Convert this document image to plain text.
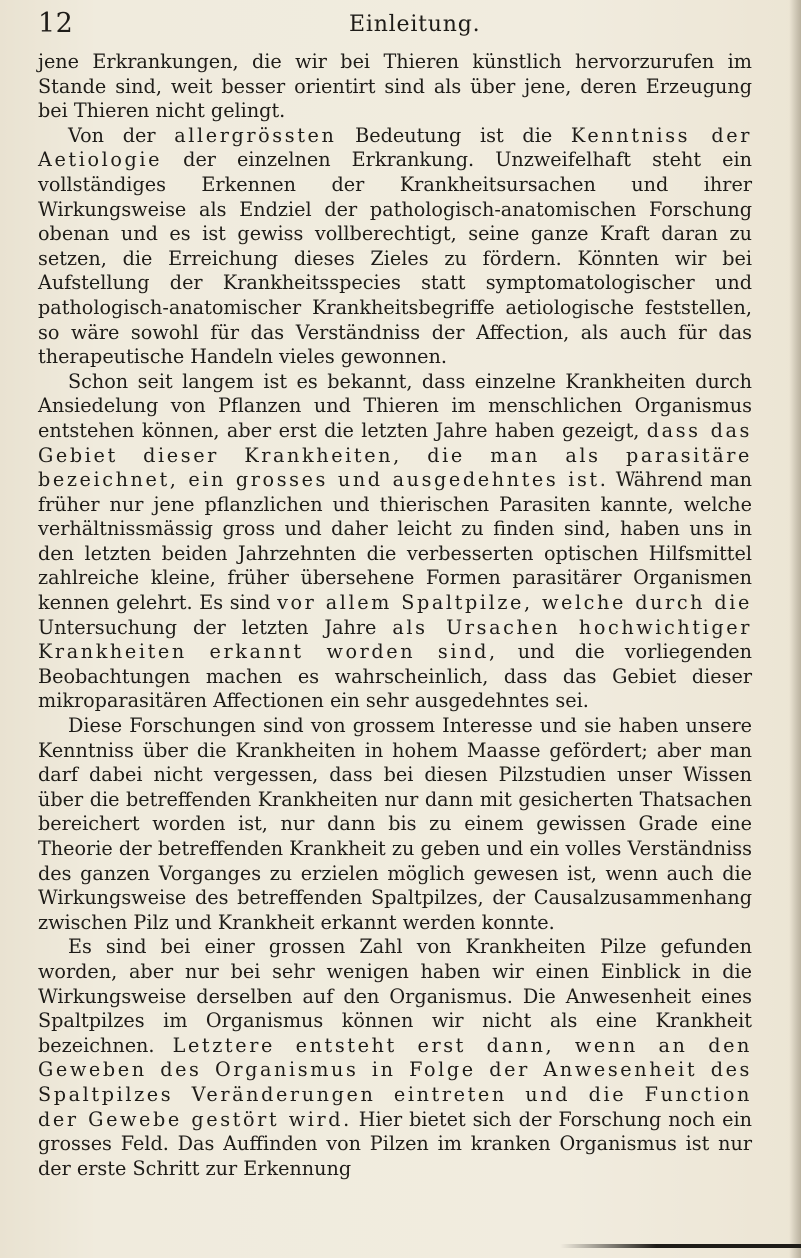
12	Einleitung.

jene Erkrankungen, die wir bei Thieren künstlich hervorzurufen im Stande sind, weit besser orientirt sind als über jene, deren Erzeugung bei Thieren nicht gelingt.

Von der allergrössten Bedeutung ist die Kenntniss der Aetiologie der einzelnen Erkrankung. Unzweifelhaft steht ein vollständiges Erkennen der Krankheitsursachen und ihrer Wirkungsweise als Endziel der pathologisch-anatomischen Forschung obenan und es ist gewiss vollberechtigt, seine ganze Kraft daran zu setzen, die Erreichung dieses Zieles zu fördern. Könnten wir bei Aufstellung der Krankheitsspecies statt symptomatologischer und pathologisch-anatomischer Krankheitsbegriffe aetiologische feststellen, so wäre sowohl für das Verständniss der Affection, als auch für das therapeutische Handeln vieles gewonnen.

Schon seit langem ist es bekannt, dass einzelne Krankheiten durch Ansiedelung von Pflanzen und Thieren im menschlichen Organismus entstehen können, aber erst die letzten Jahre haben gezeigt, dass das Gebiet dieser Krankheiten, die man als parasitäre bezeichnet, ein grosses und ausgedehntes ist. Während man früher nur jene pflanzlichen und thierischen Parasiten kannte, welche verhältnissmässig gross und daher leicht zu finden sind, haben uns in den letzten beiden Jahrzehnten die verbesserten optischen Hilfsmittel zahlreiche kleine, früher übersehene Formen parasitärer Organismen kennen gelehrt. Es sind vor allem Spaltpilze, welche durch die Untersuchung der letzten Jahre als Ursachen hochwichtiger Krankheiten erkannt worden sind, und die vorliegenden Beobachtungen machen es wahrscheinlich, dass das Gebiet dieser mikroparasitären Affectionen ein sehr ausgedehntes sei.

Diese Forschungen sind von grossem Interesse und sie haben unsere Kenntniss über die Krankheiten in hohem Maasse gefördert; aber man darf dabei nicht vergessen, dass bei diesen Pilzstudien unser Wissen über die betreffenden Krankheiten nur dann mit gesicherten Thatsachen bereichert worden ist, nur dann bis zu einem gewissen Grade eine Theorie der betreffenden Krankheit zu geben und ein volles Verständniss des ganzen Vorganges zu erzielen möglich gewesen ist, wenn auch die Wirkungsweise des betreffenden Spaltpilzes, der Causalzusammenhang zwischen Pilz und Krankheit erkannt werden konnte.

Es sind bei einer grossen Zahl von Krankheiten Pilze gefunden worden, aber nur bei sehr wenigen haben wir einen Einblick in die Wirkungsweise derselben auf den Organismus. Die Anwesenheit eines Spaltpilzes im Organismus können wir nicht als eine Krankheit bezeichnen. Letztere entsteht erst dann, wenn an den Geweben des Organismus in Folge der Anwesenheit des Spaltpilzes Veränderungen eintreten und die Function der Gewebe gestört wird. Hier bietet sich der Forschung noch ein grosses Feld. Das Auffinden von Pilzen im kranken Organismus ist nur der erste Schritt zur Erkennung
